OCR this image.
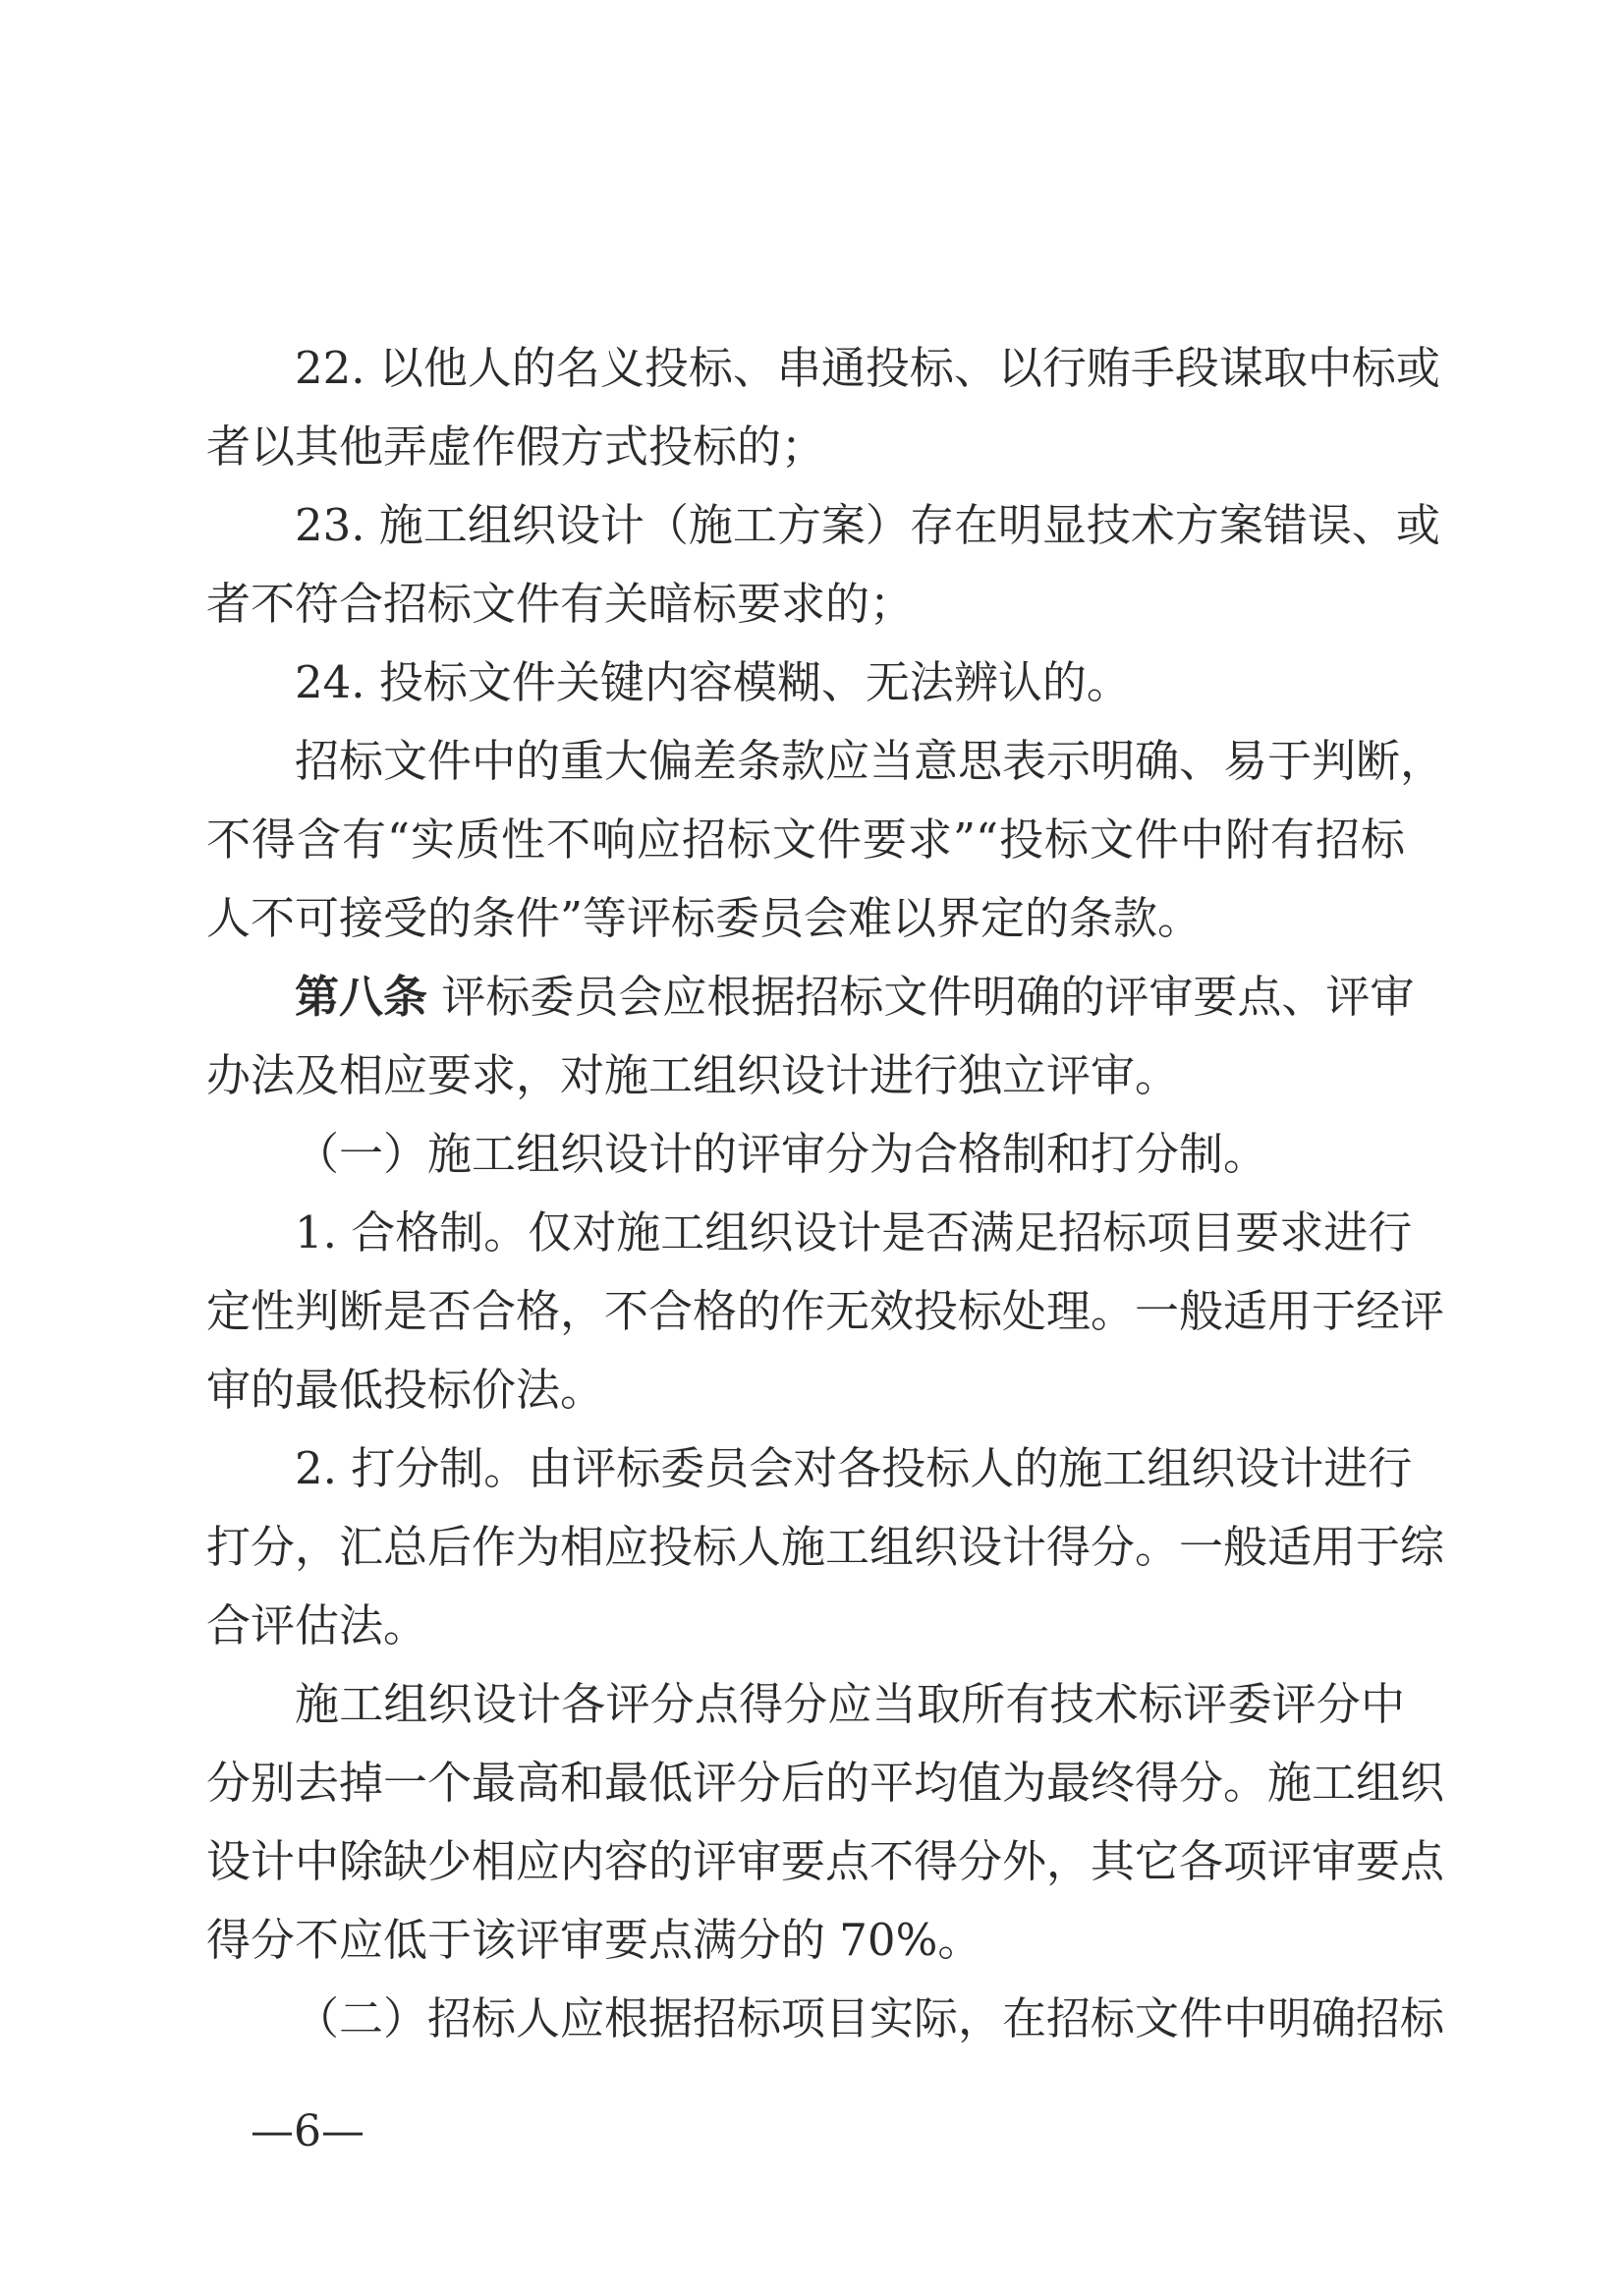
22. 以他人的名义投标、串通投标、以行贿手段谋取中标或
者以其他弄虚作假方式投标的；
23. 施工组织设计（施工方案）存在明显技术方案错误、或
者不符合招标文件有关暗标要求的；
24. 投标文件关键内容模糊、无法辨认的。
招标文件中的重大偏差条款应当意思表示明确、易于判断，
不得含有“实质性不响应招标文件要求”“投标文件中附有招标
人不可接受的条件”等评标委员会难以界定的条款。
第八条 评标委员会应根据招标文件明确的评审要点、评审
办法及相应要求，对施工组织设计进行独立评审。
（一）施工组织设计的评审分为合格制和打分制。
1. 合格制。仅对施工组织设计是否满足招标项目要求进行
定性判断是否合格，不合格的作无效投标处理。一般适用于经评
审的最低投标价法。
2. 打分制。由评标委员会对各投标人的施工组织设计进行
打分，汇总后作为相应投标人施工组织设计得分。一般适用于综
合评估法。
施工组织设计各评分点得分应当取所有技术标评委评分中
分别去掉一个最高和最低评分后的平均值为最终得分。施工组织
设计中除缺少相应内容的评审要点不得分外，其它各项评审要点
得分不应低于该评审要点满分的 70%。
（二）招标人应根据招标项目实际，在招标文件中明确招标
—6—
